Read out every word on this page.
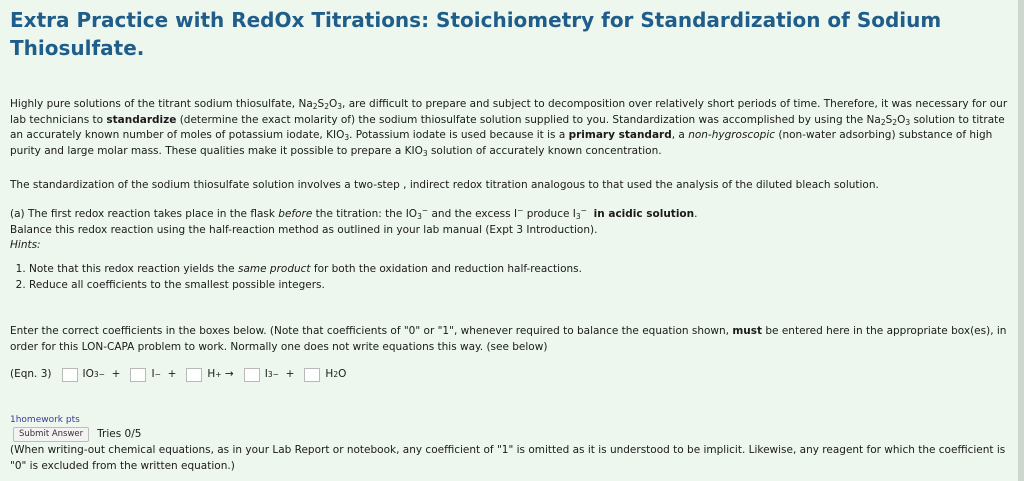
Extra Practice with RedOx Titrations: Stoichiometry for Standardization of Sodium Thiosulfate.

Highly pure solutions of the titrant sodium thiosulfate, $Na_2S_2O_3$, are difficult to prepare and subject to decomposition over relatively short periods of time. Therefore, it was necessary for our lab technicians to standardize (determine the exact molarity of) the sodium thiosulfate solution supplied to you. Standardization was accomplished by using the $Na_2S_2O_3$ solution to titrate an accurately known number of moles of potassium iodate, $KIO_3$. Potassium iodate is used because it is a primary standard, a non-hygroscopic (non-water adsorbing) substance of high purity and large molar mass. These qualities make it possible to prepare a $KIO_3$ solution of accurately known concentration.

The standardization of the sodium thiosulfate solution involves a two-step , indirect redox titration analogous to that used the analysis of the diluted bleach solution.

(a) The first redox reaction takes place in the flask before the titration: the $IO_3^-$ and the excess I− produce $I_3^-$ in acidic solution.

Balance this redox reaction using the half-reaction method as outlined in your lab manual (Expt 3 Introduction).

Hints:

1. Note that this redox reaction yields the same product for both the oxidation and reduction half-reactions.
2. Reduce all coefficients to the smallest possible integers.

Enter the correct coefficients in the boxes below. (Note that coefficients of "0" or "1", whenever required to balance the equation shown, must be entered here in the appropriate box(es), in order for this LON-CAPA problem to work. Normally one does not write equations this way. (see below)

(Eqn. 3)	IO 3 −
+	I −
+	H +
→	I 3 −
+	H 2 O
1homework pts
Submit Answer	Tries 0/5

(When writing-out chemical equations, as in your Lab Report or notebook, any coefficient of "1" is omitted as it is understood to be implicit. Likewise, any reagent for which the coefficient is "0" is excluded from the written equation.)
